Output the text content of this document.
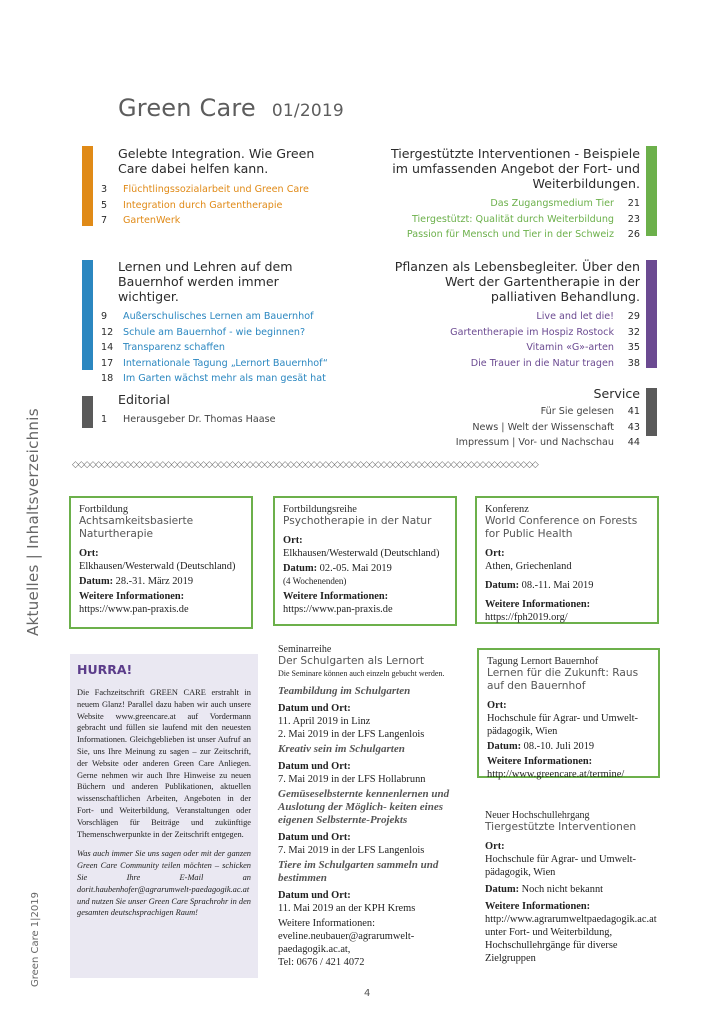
Green Care 01/2019
Gelebte Integration. Wie Green Care dabei helfen kann.
3 Flüchtlingssozialarbeit und Green Care
5 Integration durch Gartentherapie
7 GartenWerk
Lernen und Lehren auf dem Bauernhof werden immer wichtiger.
9 Außerschulisches Lernen am Bauernhof
12 Schule am Bauernhof - wie beginnen?
14 Transparenz schaffen
17 Internationale Tagung „Lernort Bauernhof“
18 Im Garten wächst mehr als man gesät hat
Editorial
1 Herausgeber Dr. Thomas Haase
Tiergestützte Interventionen - Beispiele im umfassenden Angebot der Fort- und Weiterbildungen.
Das Zugangsmedium Tier 21
Tiergestützt: Qualität durch Weiterbildung 23
Passion für Mensch und Tier in der Schweiz 26
Pflanzen als Lebensbegleiter. Über den Wert der Gartentherapie in der palliativen Behandlung.
Live and let die! 29
Gartentherapie im Hospiz Rostock 32
Vitamin «G»-arten 35
Die Trauer in die Natur tragen 38
Service
Für Sie gelesen 41
News | Welt der Wissenschaft 43
Impressum | Vor- und Nachschau 44
Aktuelles | Inhaltsverzeichnis
Green Care 1|2019
◇◇◇◇◇◇◇◇◇◇◇◇◇◇◇◇◇◇◇◇◇◇◇◇◇◇◇◇◇◇◇◇◇◇◇◇◇◇◇◇◇◇◇◇◇◇◇◇◇◇◇◇◇◇◇◇◇◇◇◇◇◇◇◇◇◇◇◇◇◇◇◇◇◇◇◇◇◇◇◇
Fortbildung
Achtsamkeitsbasierte Naturtherapie
Ort:
Elkhausen/Westerwald (Deutschland)
Datum: 28.-31. März 2019
Weitere Informationen:
https://www.pan-praxis.de
Fortbildungsreihe
Psychotherapie in der Natur
Ort:
Elkhausen/Westerwald (Deutschland)
Datum: 02.-05. Mai 2019
(4 Wochenenden)
Weitere Informationen:
https://www.pan-praxis.de
Konferenz
World Conference on Forests for Public Health
Ort:
Athen, Griechenland
Datum: 08.-11. Mai 2019
Weitere Informationen:
https://fph2019.org/
Tagung Lernort Bauernhof
Lernen für die Zukunft: Raus auf den Bauernhof
Ort:
Hochschule für Agrar- und Umwelt-pädagogik, Wien
Datum: 08.-10. Juli 2019
Weitere Informationen:
http://www.greencare.at/termine/
Neuer Hochschullehrgang
Tiergestützte Interventionen
Ort:
Hochschule für Agrar- und Umwelt-pädagogik, Wien
Datum: Noch nicht bekannt
Weitere Informationen:
http://www.agrarumweltpaedagogik.ac.at
unter Fort- und Weiterbildung, Hochschullehrgänge für diverse Zielgruppen
Seminarreihe
Der Schulgarten als Lernort
Die Seminare können auch einzeln gebucht werden.
Teambildung im Schulgarten
Datum und Ort:
11. April 2019 in Linz
2. Mai 2019 in der LFS Langenlois
Kreativ sein im Schulgarten
Datum und Ort:
7. Mai 2019 in der LFS Hollabrunn
Gemüseselbsternte kennenlernen und Auslotung der Möglich- keiten eines eigenen Selbsternte-Projekts
Datum und Ort:
7. Mai 2019 in der LFS Langenlois
Tiere im Schulgarten sammeln und bestimmen
Datum und Ort:
11. Mai 2019 an der KPH Krems
Weitere Informationen:
eveline.neubauer@agrarumwelt-
paedagogik.ac.at,
Tel: 0676 / 421 4072
HURRA!

Die Fachzeitschrift GREEN CARE erstrahlt in neuem Glanz! Parallel dazu haben wir auch unsere Website www.greencare.at auf Vordermann gebracht und füllen sie laufend mit den neuesten Informationen. Gleichgeblieben ist unser Aufruf an Sie, uns Ihre Meinung zu sagen – zur Zeitschrift, der Website oder anderen Green Care Anliegen. Gerne nehmen wir auch Ihre Hinweise zu neuen Büchern und anderen Publikationen, aktuellen wissenschaftlichen Arbeiten, Angeboten in der Fort- und Weiterbildung, Veranstaltungen oder Vorschlägen für Beiträge und zukünftige Themenschwerpunkte in der Zeitschrift entgegen.

Was auch immer Sie uns sagen oder mit der ganzen Green Care Community teilen möchten – schicken Sie Ihre E-Mail an dorit.haubenhofer@agrarumwelt-paedagogik.ac.at und nutzen Sie unser Green Care Sprachrohr in den gesamten deutschsprachigen Raum!

4
